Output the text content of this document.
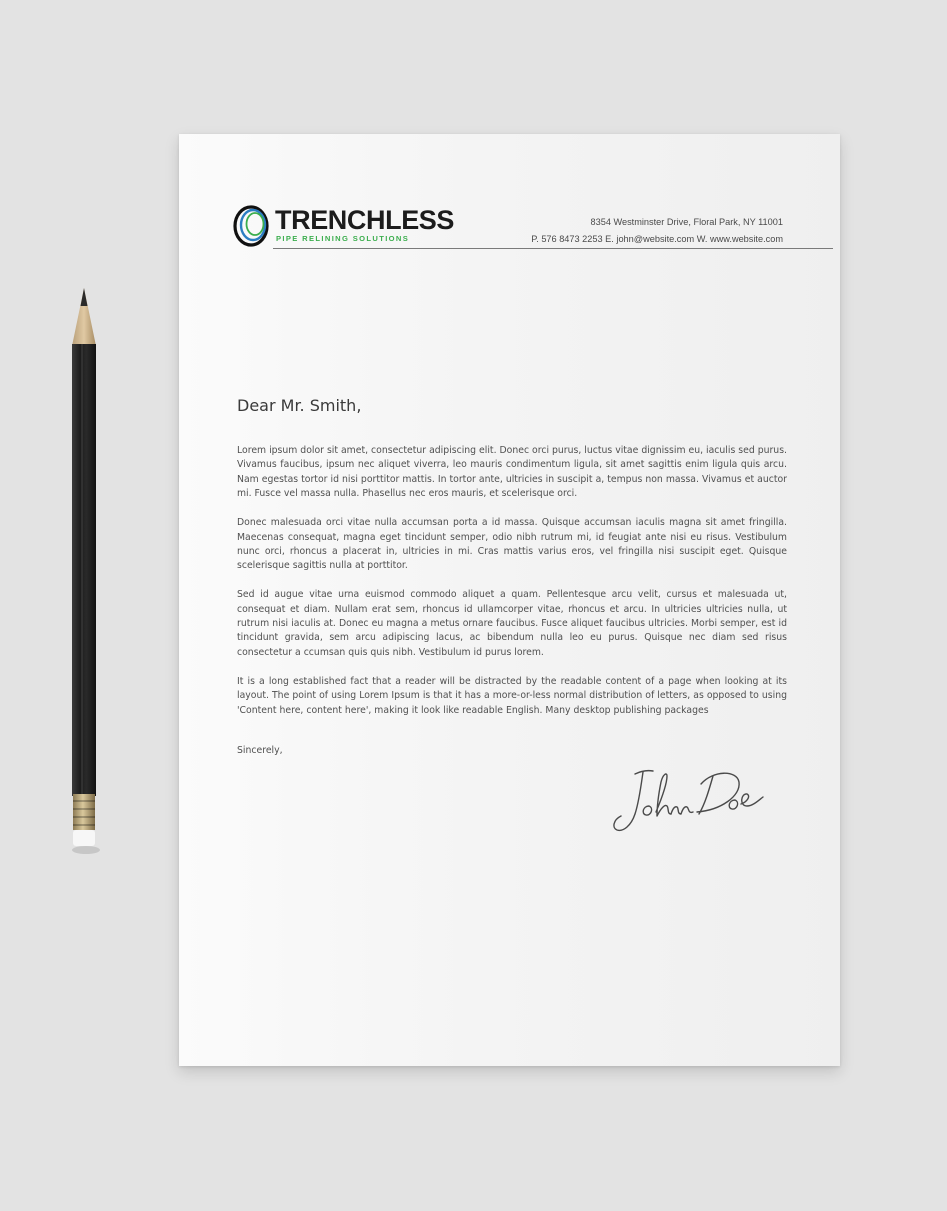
TRENCHLESS
PIPE RELINING SOLUTIONS
8354 Westminster Drive, Floral Park, NY 11001
P. 576 8473 2253 E. john@website.com W. www.website.com
Dear Mr. Smith,

Lorem ipsum dolor sit amet, consectetur adipiscing elit. Donec orci purus, luctus vitae dignissim eu, iaculis sed purus. Vivamus faucibus, ipsum nec aliquet viverra, leo mauris condimentum ligula, sit amet sagittis enim ligula quis arcu. Nam egestas tortor id nisi porttitor mattis. In tortor ante, ultricies in suscipit a, tempus non massa. Vivamus et auctor mi. Fusce vel massa nulla. Phasellus nec eros mauris, et scelerisque orci.

Donec malesuada orci vitae nulla accumsan porta a id massa. Quisque accumsan iaculis magna sit amet fringilla. Maecenas consequat, magna eget tincidunt semper, odio nibh rutrum mi, id feugiat ante nisi eu risus. Vestibulum nunc orci, rhoncus a placerat in, ultricies in mi. Cras mattis varius eros, vel fringilla nisi suscipit eget. Quisque scelerisque sagittis nulla at porttitor.

Sed id augue vitae urna euismod commodo aliquet a quam. Pellentesque arcu velit, cursus et malesuada ut, consequat et diam. Nullam erat sem, rhoncus id ullamcorper vitae, rhoncus et arcu. In ultricies ultricies nulla, ut rutrum nisi iaculis at. Donec eu magna a metus ornare faucibus. Fusce aliquet faucibus ultricies. Morbi semper, est id tincidunt gravida, sem arcu adipiscing lacus, ac bibendum nulla leo eu purus. Quisque nec diam sed risus consectetur a ccumsan quis quis nibh. Vestibulum id purus lorem.

It is a long established fact that a reader will be distracted by the readable content of a page when looking at its layout. The point of using Lorem Ipsum is that it has a more-or-less normal distribution of letters, as opposed to using 'Content here, content here', making it look like readable English. Many desktop publishing packages

Sincerely,
